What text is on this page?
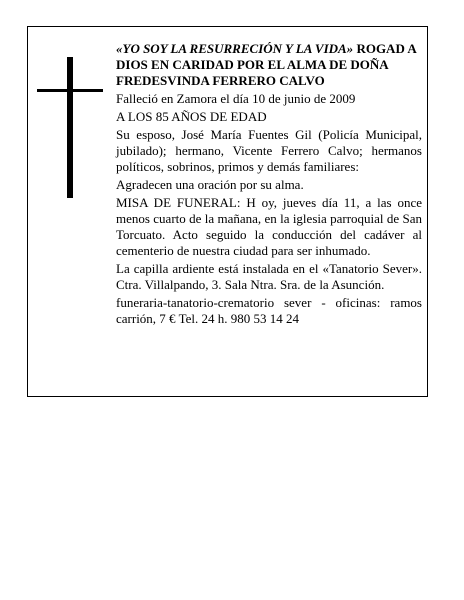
«YO SOY LA RESURRECIÓN Y LA VIDA» ROGAD A DIOS EN CARIDAD POR EL ALMA DE DOÑA FREDESVINDA FERRERO CALVO

Falleció en Zamora el día 10 de junio de 2009

A LOS 85 AÑOS DE EDAD

Su esposo, José María Fuentes Gil (Policía Municipal, jubilado); hermano, Vicente Ferrero Calvo; hermanos políticos, sobrinos, primos y demás familiares:

Agradecen una oración por su alma.

MISA DE FUNERAL: H oy, jueves día 11, a las once menos cuarto de la mañana, en la iglesia parroquial de San Torcuato. Acto seguido la conducción del cadáver al cementerio de nuestra ciudad para ser inhumado.

La capilla ardiente está instalada en el «Tanatorio Sever». Ctra. Villalpando, 3. Sala Ntra. Sra. de la Asunción.

funeraria-tanatorio-crematorio sever - oficinas: ramos carrión, 7 € Tel. 24 h. 980 53 14 24
